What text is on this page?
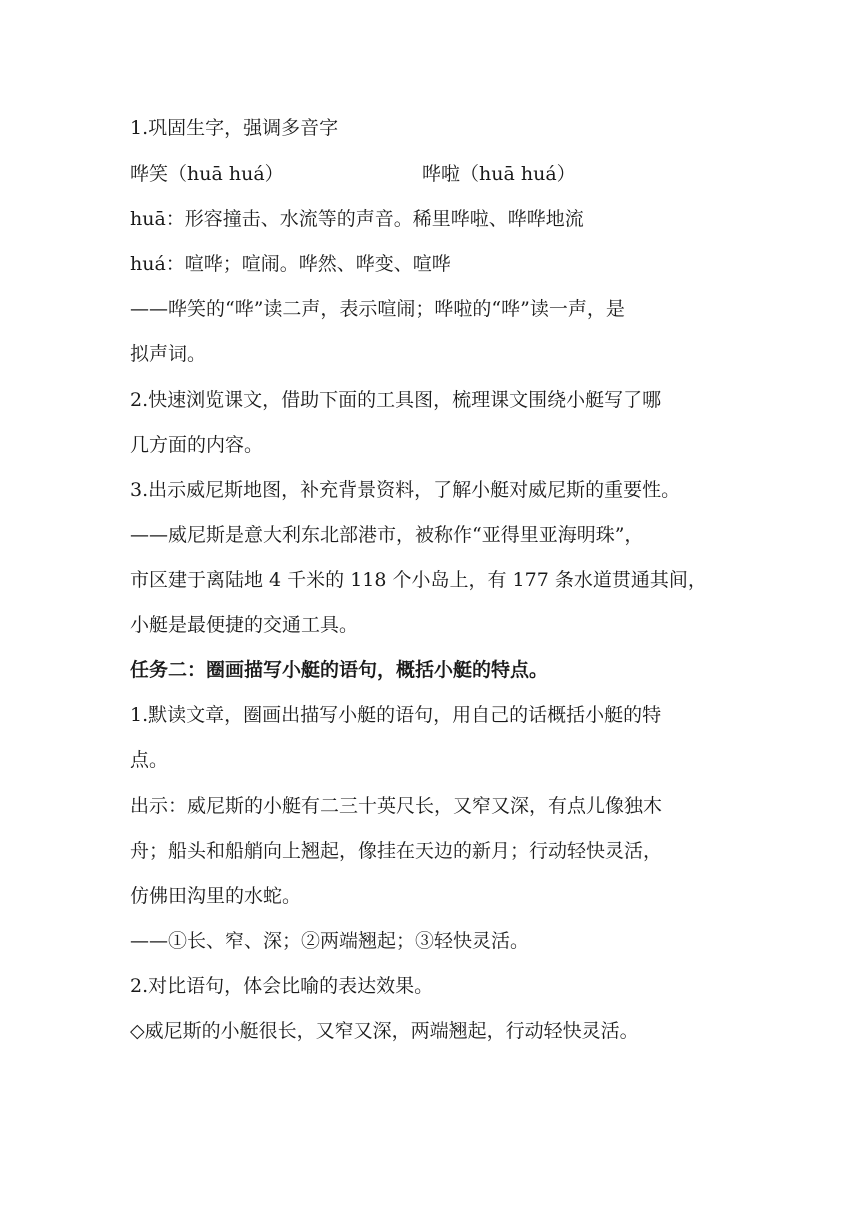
1.巩固生字，强调多音字
哗笑（huā huá）	哗啦（huā huá）
huā：形容撞击、水流等的声音。稀里哗啦、哗哗地流
huá：喧哗；喧闹。哗然、哗变、喧哗
——哗笑的“哗”读二声，表示喧闹；哗啦的“哗”读一声，是
拟声词。
2.快速浏览课文，借助下面的工具图，梳理课文围绕小艇写了哪
几方面的内容。
3.出示威尼斯地图，补充背景资料，了解小艇对威尼斯的重要性。
——威尼斯是意大利东北部港市，被称作“亚得里亚海明珠”，
市区建于离陆地 4 千米的 118 个小岛上，有 177 条水道贯通其间，
小艇是最便捷的交通工具。
任务二：圈画描写小艇的语句，概括小艇的特点。
1.默读文章，圈画出描写小艇的语句，用自己的话概括小艇的特
点。
出示：威尼斯的小艇有二三十英尺长，又窄又深，有点儿像独木
舟；船头和船艄向上翘起，像挂在天边的新月；行动轻快灵活，
仿佛田沟里的水蛇。
——①长、窄、深；②两端翘起；③轻快灵活。
2.对比语句，体会比喻的表达效果。
◇威尼斯的小艇很长，又窄又深，两端翘起，行动轻快灵活。
